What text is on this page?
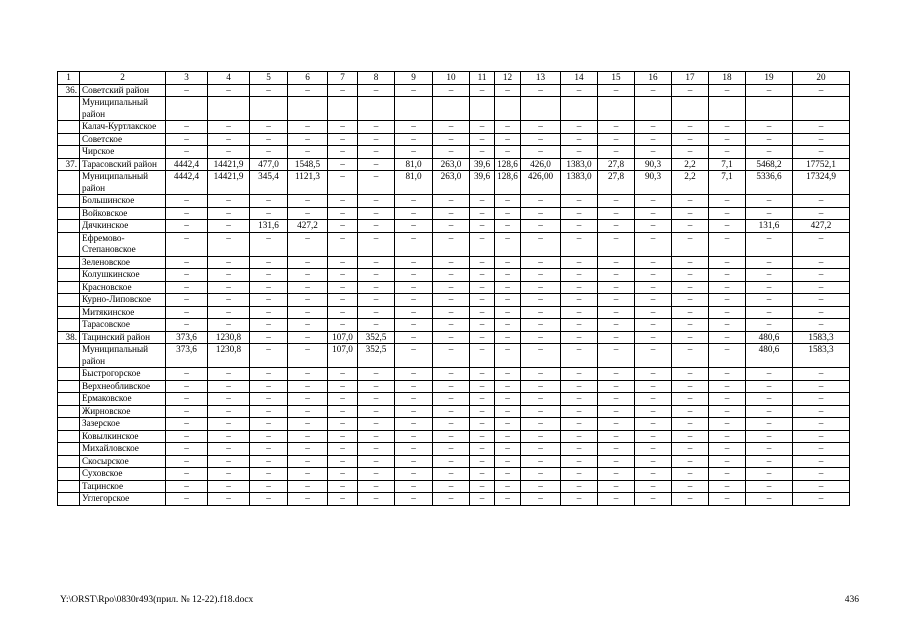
1	2	3	4	5	6	7	8	9	10	11	12	13	14	15	16	17	18	19	20
36.	Советский район	–	–	–	–	–	–	–	–	–	–	–	–	–	–	–	–	–	–
	Муниципальный район																		
	Калач-Куртлакское	–	–	–	–	–	–	–	–	–	–	–	–	–	–	–	–	–	–
	Советское	–	–	–	–	–	–	–	–	–	–	–	–	–	–	–	–	–	–
	Чирское	–	–	–	–	–	–	–	–	–	–	–	–	–	–	–	–	–	–
37.	Тарасовский район	4442,4	14421,9	477,0	1548,5	–	–	81,0	263,0	39,6	128,6	426,0	1383,0	27,8	90,3	2,2	7,1	5468,2	17752,1
	Муниципальный район	4442,4	14421,9	345,4	1121,3	–	–	81,0	263,0	39,6	128,6	426,00	1383,0	27,8	90,3	2,2	7,1	5336,6	17324,9
	Большинское	–	–	–	–	–	–	–	–	–	–	–	–	–	–	–	–	–	–
	Войковское	–	–	–	–	–	–	–	–	–	–	–	–	–	–	–	–	–	–
	Дячкинское	–	–	131,6	427,2	–	–	–	–	–	–	–	–	–	–	–	–	131,6	427,2
	Ефремово-Степановское	–	–	–	–	–	–	–	–	–	–	–	–	–	–	–	–	–	–
	Зеленовское	–	–	–	–	–	–	–	–	–	–	–	–	–	–	–	–	–	–
	Колушкинское	–	–	–	–	–	–	–	–	–	–	–	–	–	–	–	–	–	–
	Красновское	–	–	–	–	–	–	–	–	–	–	–	–	–	–	–	–	–	–
	Курно-Липовское	–	–	–	–	–	–	–	–	–	–	–	–	–	–	–	–	–	–
	Митякинское	–	–	–	–	–	–	–	–	–	–	–	–	–	–	–	–	–	–
	Тарасовское	–	–	–	–	–	–	–	–	–	–	–	–	–	–	–	–	–	–
38.	Тацинский район	373,6	1230,8	–	–	107,0	352,5	–	–	–	–	–	–	–	–	–	–	480,6	1583,3
	Муниципальный район	373,6	1230,8	–	–	107,0	352,5	–	–	–	–	–	–	–	–	–	–	480,6	1583,3
	Быстрогорское	–	–	–	–	–	–	–	–	–	–	–	–	–	–	–	–	–	–
	Верхнеобливское	–	–	–	–	–	–	–	–	–	–	–	–	–	–	–	–	–	–
	Ермаковское	–	–	–	–	–	–	–	–	–	–	–	–	–	–	–	–	–	–
	Жирновское	–	–	–	–	–	–	–	–	–	–	–	–	–	–	–	–	–	–
	Зазерское	–	–	–	–	–	–	–	–	–	–	–	–	–	–	–	–	–	–
	Ковылкинское	–	–	–	–	–	–	–	–	–	–	–	–	–	–	–	–	–	–
	Михайловское	–	–	–	–	–	–	–	–	–	–	–	–	–	–	–	–	–	–
	Скосырское	–	–	–	–	–	–	–	–	–	–	–	–	–	–	–	–	–	–
	Суховское	–	–	–	–	–	–	–	–	–	–	–	–	–	–	–	–	–	–
	Тацинское	–	–	–	–	–	–	–	–	–	–	–	–	–	–	–	–	–	–
	Углегорское	–	–	–	–	–	–	–	–	–	–	–	–	–	–	–	–	–	–
Y:\ORST\Rpo\0830r493(прил. № 12-22).f18.docx	436
